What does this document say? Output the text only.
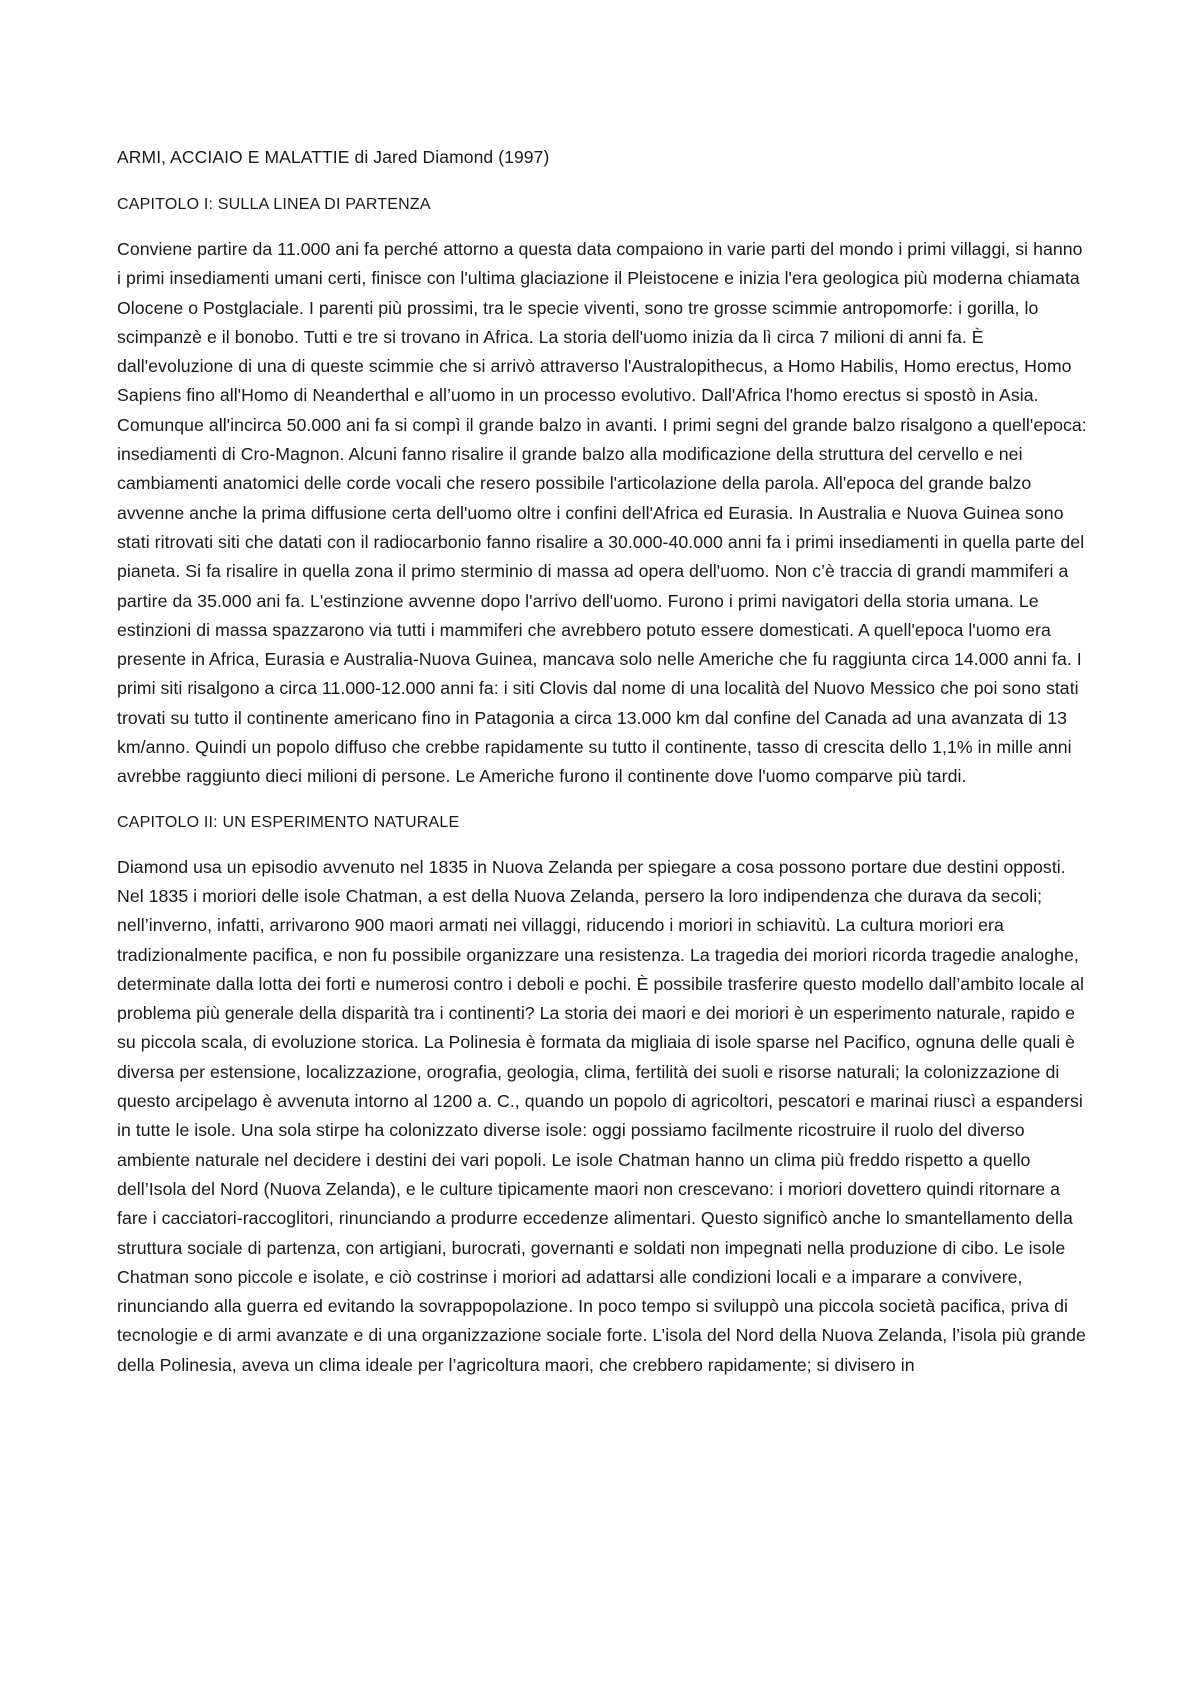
ARMI, ACCIAIO E MALATTIE di Jared Diamond (1997)
CAPITOLO I: SULLA LINEA DI PARTENZA

Conviene partire da 11.000 ani fa perché attorno a questa data compaiono in varie parti del mondo i primi villaggi, si hanno i primi insediamenti umani certi, finisce con l'ultima glaciazione il Pleistocene e inizia l'era geologica più moderna chiamata Olocene o Postglaciale. I parenti più prossimi, tra le specie viventi, sono tre grosse scimmie antropomorfe: i gorilla, lo scimpanzè e il bonobo. Tutti e tre si trovano in Africa. La storia dell'uomo inizia da lì circa 7 milioni di anni fa. È dall'evoluzione di una di queste scimmie che si arrivò attraverso l'Australopithecus, a Homo Habilis, Homo erectus, Homo Sapiens fino all'Homo di Neanderthal e all’uomo in un processo evolutivo. Dall'Africa l'homo erectus si spostò in Asia. Comunque all'incirca 50.000 ani fa si compì il grande balzo in avanti. I primi segni del grande balzo risalgono a quell'epoca: insediamenti di Cro-Magnon. Alcuni fanno risalire il grande balzo alla modificazione della struttura del cervello e nei cambiamenti anatomici delle corde vocali che resero possibile l'articolazione della parola. All'epoca del grande balzo avvenne anche la prima diffusione certa dell'uomo oltre i confini dell'Africa ed Eurasia. In Australia e Nuova Guinea sono stati ritrovati siti che datati con il radiocarbonio fanno risalire a 30.000-40.000 anni fa i primi insediamenti in quella parte del pianeta. Si fa risalire in quella zona il primo sterminio di massa ad opera dell'uomo. Non c’è traccia di grandi mammiferi a partire da 35.000 ani fa. L'estinzione avvenne dopo l'arrivo dell'uomo. Furono i primi navigatori della storia umana. Le estinzioni di massa spazzarono via tutti i mammiferi che avrebbero potuto essere domesticati. A quell'epoca l'uomo era presente in Africa, Eurasia e Australia-Nuova Guinea, mancava solo nelle Americhe che fu raggiunta circa 14.000 anni fa. I primi siti risalgono a circa 11.000-12.000 anni fa: i siti Clovis dal nome di una località del Nuovo Messico che poi sono stati trovati su tutto il continente americano fino in Patagonia a circa 13.000 km dal confine del Canada ad una avanzata di 13 km/anno. Quindi un popolo diffuso che crebbe rapidamente su tutto il continente, tasso di crescita dello 1,1% in mille anni avrebbe raggiunto dieci milioni di persone. Le Americhe furono il continente dove l'uomo comparve più tardi.

CAPITOLO II: UN ESPERIMENTO NATURALE

Diamond usa un episodio avvenuto nel 1835 in Nuova Zelanda per spiegare a cosa possono portare due destini opposti. Nel 1835 i moriori delle isole Chatman, a est della Nuova Zelanda, persero la loro indipendenza che durava da secoli; nell’inverno, infatti, arrivarono 900 maori armati nei villaggi, riducendo i moriori in schiavitù. La cultura moriori era tradizionalmente pacifica, e non fu possibile organizzare una resistenza. La tragedia dei moriori ricorda tragedie analoghe, determinate dalla lotta dei forti e numerosi contro i deboli e pochi. È possibile trasferire questo modello dall’ambito locale al problema più generale della disparità tra i continenti? La storia dei maori e dei moriori è un esperimento naturale, rapido e su piccola scala, di evoluzione storica. La Polinesia è formata da migliaia di isole sparse nel Pacifico, ognuna delle quali è diversa per estensione, localizzazione, orografia, geologia, clima, fertilità dei suoli e risorse naturali; la colonizzazione di questo arcipelago è avvenuta intorno al 1200 a. C., quando un popolo di agricoltori, pescatori e marinai riuscì a espandersi in tutte le isole. Una sola stirpe ha colonizzato diverse isole: oggi possiamo facilmente ricostruire il ruolo del diverso ambiente naturale nel decidere i destini dei vari popoli. Le isole Chatman hanno un clima più freddo rispetto a quello dell’Isola del Nord (Nuova Zelanda), e le culture tipicamente maori non crescevano: i moriori dovettero quindi ritornare a fare i cacciatori-raccoglitori, rinunciando a produrre eccedenze alimentari. Questo significò anche lo smantellamento della struttura sociale di partenza, con artigiani, burocrati, governanti e soldati non impegnati nella produzione di cibo. Le isole Chatman sono piccole e isolate, e ciò costrinse i moriori ad adattarsi alle condizioni locali e a imparare a convivere, rinunciando alla guerra ed evitando la sovrappopolazione. In poco tempo si sviluppò una piccola società pacifica, priva di tecnologie e di armi avanzate e di una organizzazione sociale forte. L’isola del Nord della Nuova Zelanda, l’isola più grande della Polinesia, aveva un clima ideale per l’agricoltura maori, che crebbero rapidamente; si divisero in
